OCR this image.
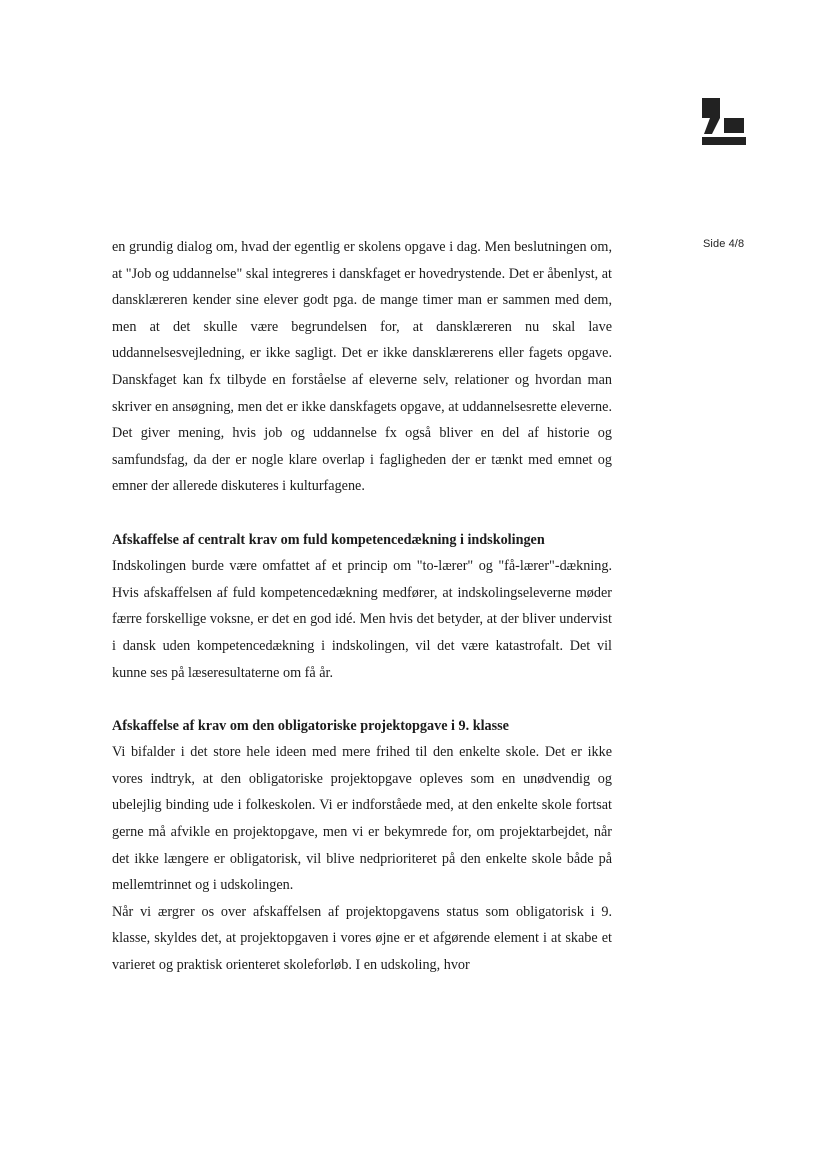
Side 4/8

en grundig dialog om, hvad der egentlig er skolens opgave i dag. Men beslutningen om, at "Job og uddannelse" skal integreres i danskfaget er hovedrystende. Det er åbenlyst, at dansklæreren kender sine elever godt pga. de mange timer man er sammen med dem, men at det skulle være begrundelsen for, at dansklæreren nu skal lave uddannelsesvejledning, er ikke sagligt. Det er ikke dansklærerens eller fagets opgave. Danskfaget kan fx tilbyde en forståelse af eleverne selv, relationer og hvordan man skriver en ansøgning, men det er ikke danskfagets opgave, at uddannelsesrette eleverne. Det giver mening, hvis job og uddannelse fx også bliver en del af historie og samfundsfag, da der er nogle klare overlap i fagligheden der er tænkt med emnet og emner der allerede diskuteres i kulturfagene.

Afskaffelse af centralt krav om fuld kompetencedækning i indskolingen

Indskolingen burde være omfattet af et princip om "to-lærer" og "få-lærer"-dækning. Hvis afskaffelsen af fuld kompetencedækning medfører, at indskolingseleverne møder færre forskellige voksne, er det en god idé. Men hvis det betyder, at der bliver undervist i dansk uden kompetencedækning i indskolingen, vil det være katastrofalt. Det vil kunne ses på læseresultaterne om få år.

Afskaffelse af krav om den obligatoriske projektopgave i 9. klasse

Vi bifalder i det store hele ideen med mere frihed til den enkelte skole. Det er ikke vores indtryk, at den obligatoriske projektopgave opleves som en unødvendig og ubelejlig binding ude i folkeskolen. Vi er indforståede med, at den enkelte skole fortsat gerne må afvikle en projektopgave, men vi er bekymrede for, om projektarbejdet, når det ikke længere er obligatorisk, vil blive nedprioriteret på den enkelte skole både på mellemtrinnet og i udskolingen.

Når vi ærgrer os over afskaffelsen af projektopgavens status som obligatorisk i 9. klasse, skyldes det, at projektopgaven i vores øjne er et afgørende element i at skabe et varieret og praktisk orienteret skoleforløb. I en udskoling, hvor
